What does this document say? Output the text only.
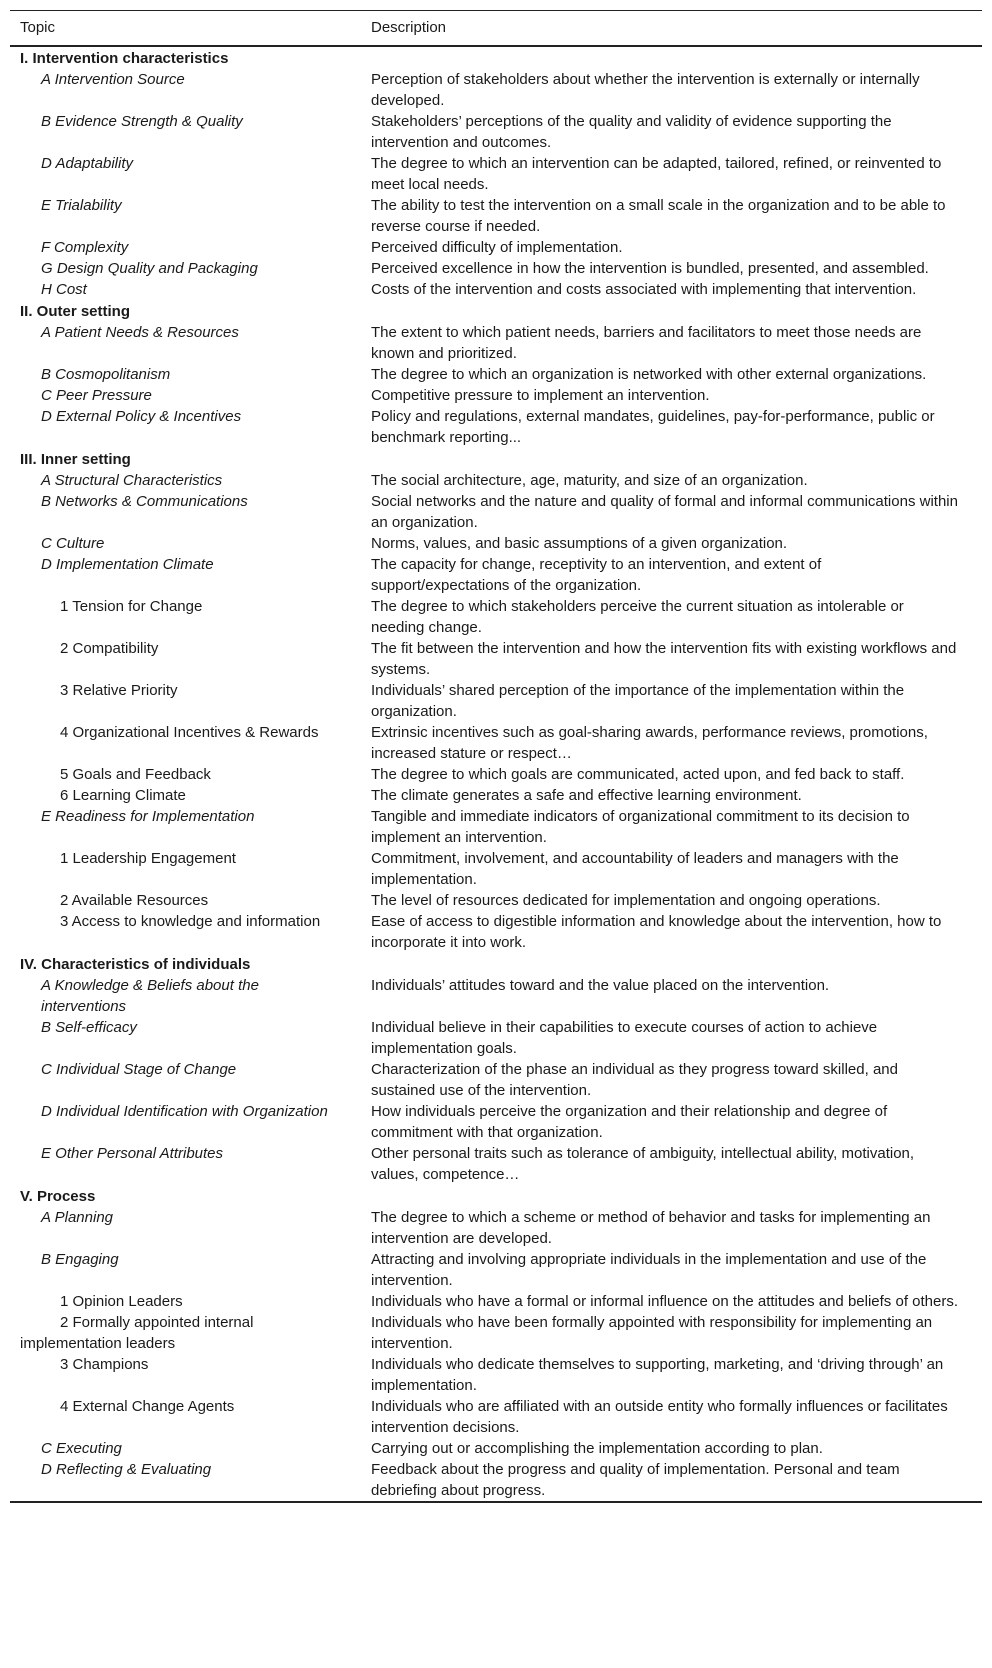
Topic	Description
I. Intervention characteristics	
A Intervention Source	Perception of stakeholders about whether the intervention is externally or internally developed.
B Evidence Strength & Quality	Stakeholders’ perceptions of the quality and validity of evidence supporting the intervention and outcomes.
D Adaptability	The degree to which an intervention can be adapted, tailored, refined, or reinvented to meet local needs.
E Trialability	The ability to test the intervention on a small scale in the organization and to be able to reverse course if needed.
F Complexity	Perceived difficulty of implementation.
G Design Quality and Packaging	Perceived excellence in how the intervention is bundled, presented, and assembled.
H Cost	Costs of the intervention and costs associated with implementing that intervention.
II. Outer setting	
A Patient Needs & Resources	The extent to which patient needs, barriers and facilitators to meet those needs are known and prioritized.
B Cosmopolitanism	The degree to which an organization is networked with other external organizations.
C Peer Pressure	Competitive pressure to implement an intervention.
D External Policy & Incentives	Policy and regulations, external mandates, guidelines, pay-for-performance, public or benchmark reporting...
III. Inner setting	
A Structural Characteristics	The social architecture, age, maturity, and size of an organization.
B Networks & Communications	Social networks and the nature and quality of formal and informal communications within an organization.
C Culture	Norms, values, and basic assumptions of a given organization.
D Implementation Climate	The capacity for change, receptivity to an intervention, and extent of support/expectations of the organization.
1 Tension for Change	The degree to which stakeholders perceive the current situation as intolerable or needing change.
2 Compatibility	The fit between the intervention and how the intervention fits with existing workflows and systems.
3 Relative Priority	Individuals’ shared perception of the importance of the implementation within the organization.
4 Organizational Incentives & Rewards	Extrinsic incentives such as goal-sharing awards, performance reviews, promotions, increased stature or respect…
5 Goals and Feedback	The degree to which goals are communicated, acted upon, and fed back to staff.
6 Learning Climate	The climate generates a safe and effective learning environment.
E Readiness for Implementation	Tangible and immediate indicators of organizational commitment to its decision to implement an intervention.
1 Leadership Engagement	Commitment, involvement, and accountability of leaders and managers with the implementation.
2 Available Resources	The level of resources dedicated for implementation and ongoing operations.
3 Access to knowledge and information	Ease of access to digestible information and knowledge about the intervention, how to incorporate it into work.
IV. Characteristics of individuals	
A Knowledge & Beliefs about the interventions	Individuals’ attitudes toward and the value placed on the intervention.
B Self-efficacy	Individual believe in their capabilities to execute courses of action to achieve implementation goals.
C Individual Stage of Change	Characterization of the phase an individual as they progress toward skilled, and sustained use of the intervention.
D Individual Identification with Organization	How individuals perceive the organization and their relationship and degree of commitment with that organization.
E Other Personal Attributes	Other personal traits such as tolerance of ambiguity, intellectual ability, motivation, values, competence…
V. Process	
A Planning	The degree to which a scheme or method of behavior and tasks for implementing an intervention are developed.
B Engaging	Attracting and involving appropriate individuals in the implementation and use of the intervention.
1 Opinion Leaders	Individuals who have a formal or informal influence on the attitudes and beliefs of others.
2 Formally appointed internal implementation leaders	Individuals who have been formally appointed with responsibility for implementing an intervention.
3 Champions	Individuals who dedicate themselves to supporting, marketing, and ‘driving through’ an implementation.
4 External Change Agents	Individuals who are affiliated with an outside entity who formally influences or facilitates intervention decisions.
C Executing	Carrying out or accomplishing the implementation according to plan.
D Reflecting & Evaluating	Feedback about the progress and quality of implementation. Personal and team debriefing about progress.
